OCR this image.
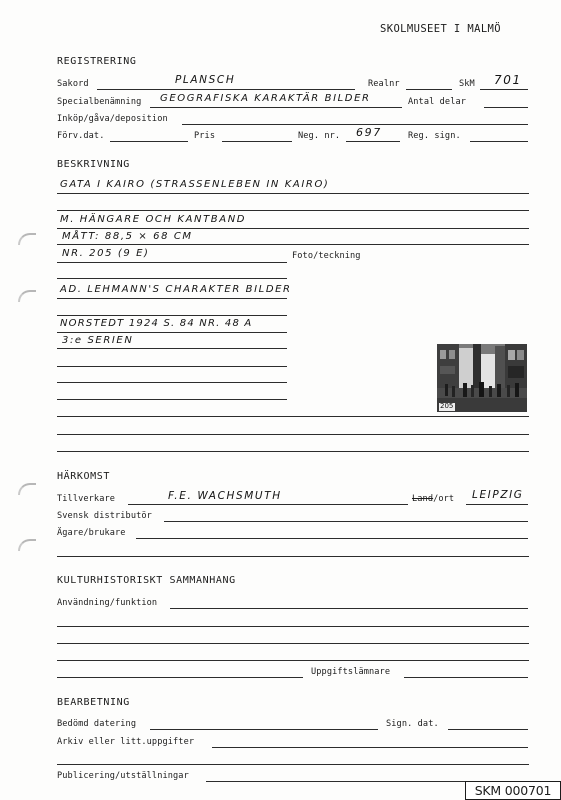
SKOLMUSEET I MALMÖ
REGISTRERING
Sakord	PLANSCH	Realnr	SkM 701
Specialbenämning GEOGRAFISKA KARAKTÄR BILDER	Antal delar
Inköp/gåva/deposition
Förv.dat.	Pris	Neg. nr. 697	Reg. sign.
BESKRIVNING
GATA I KAIRO (STRASSENLEBEN IN KAIRO)
M. HÄNGARE OCH KANTBAND
MÅTT: 88,5 × 68 CM
NR. 205 (9 E)	Foto/teckning
AD. LEHMANN'S CHARAKTER BILDER
NORSTEDT 1924 S. 84 NR. 48 A
3:e SERIEN
205
HÄRKOMST
Tillverkare	F.E. WACHSMUTH	Land/ort LEIPZIG
Svensk distributör
Ägare/brukare
KULTURHISTORISKT SAMMANHANG
Användning/funktion
Uppgiftslämnare
BEARBETNING
Bedömd datering	Sign. dat.
Arkiv eller litt.uppgifter
Publicering/utställningar
SKM 000701
